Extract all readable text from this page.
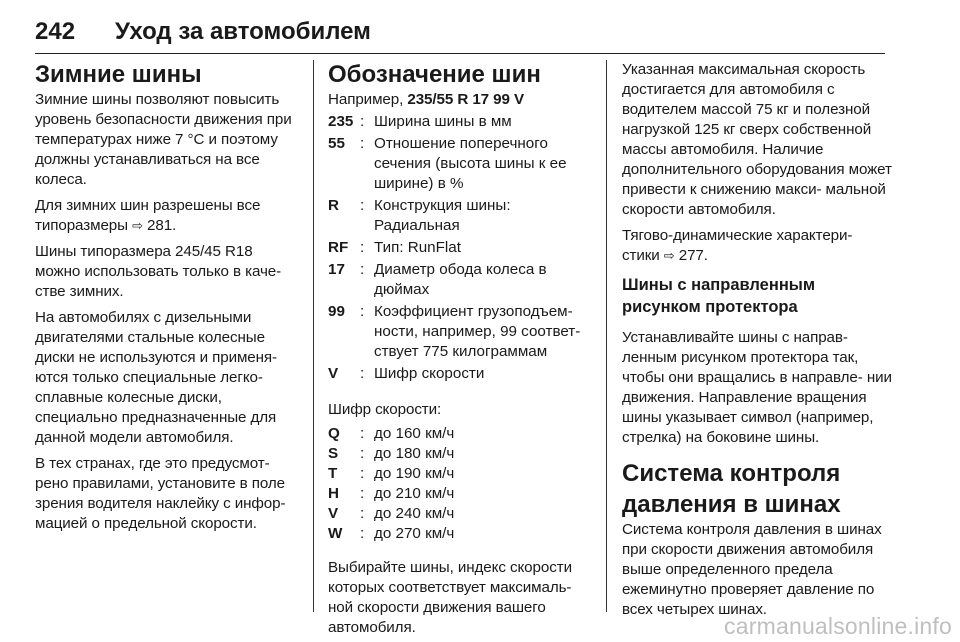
242 Уход за автомобилем
Зимние шины

Зимние шины позволяют повысить уровень безопасности движения при температурах ниже 7 °C и поэтому должны устанавливаться на все колеса.

Для зимних шин разрешены все типоразмеры ⇨ 281.

Шины типоразмера 245/45 R18 можно использовать только в каче- стве зимних.

На автомобилях с дизельными двигателями стальные колесные диски не используются и применя- ются только специальные легко- сплавные колесные диски, специально предназначенные для данной модели автомобиля.

В тех странах, где это предусмот- рено правилами, установите в поле зрения водителя наклейку с инфор- мацией о предельной скорости.

Обозначение шин

Например, 235/55 R 17 99 V

235	:	Ширина шины в мм
55	:	Отношение поперечного сечения (высота шины к ее ширине) в %
R	:	Конструкция шины: Радиальная
RF	:	Тип: RunFlat
17	:	Диаметр обода колеса в дюймах
99	:	Коэффициент грузоподъем- ности, например, 99 соответ- ствует 775 килограммам
V	:	Шифр скорости

Шифр скорости:

Q	:	до 160 км/ч
S	:	до 180 км/ч
T	:	до 190 км/ч
H	:	до 210 км/ч
V	:	до 240 км/ч
W	:	до 270 км/ч

Выбирайте шины, индекс скорости которых соответствует максималь- ной скорости движения вашего автомобиля.

Указанная максимальная скорость достигается для автомобиля с водителем массой 75 кг и полезной нагрузкой 125 кг сверх собственной массы автомобиля. Наличие дополнительного оборудования может привести к снижению макси- мальной скорости автомобиля.

Тягово-динамические характери- стики ⇨ 277.

Шины с направленным рисунком протектора

Устанавливайте шины с направ- ленным рисунком протектора так, чтобы они вращались в направле- нии движения. Направление вращения шины указывает символ (например, стрелка) на боковине шины.

Система контроля давления в шинах

Система контроля давления в шинах при скорости движения автомобиля выше определенного предела ежеминутно проверяет давление по всех четырех шинах.

carmanualsonline.info
